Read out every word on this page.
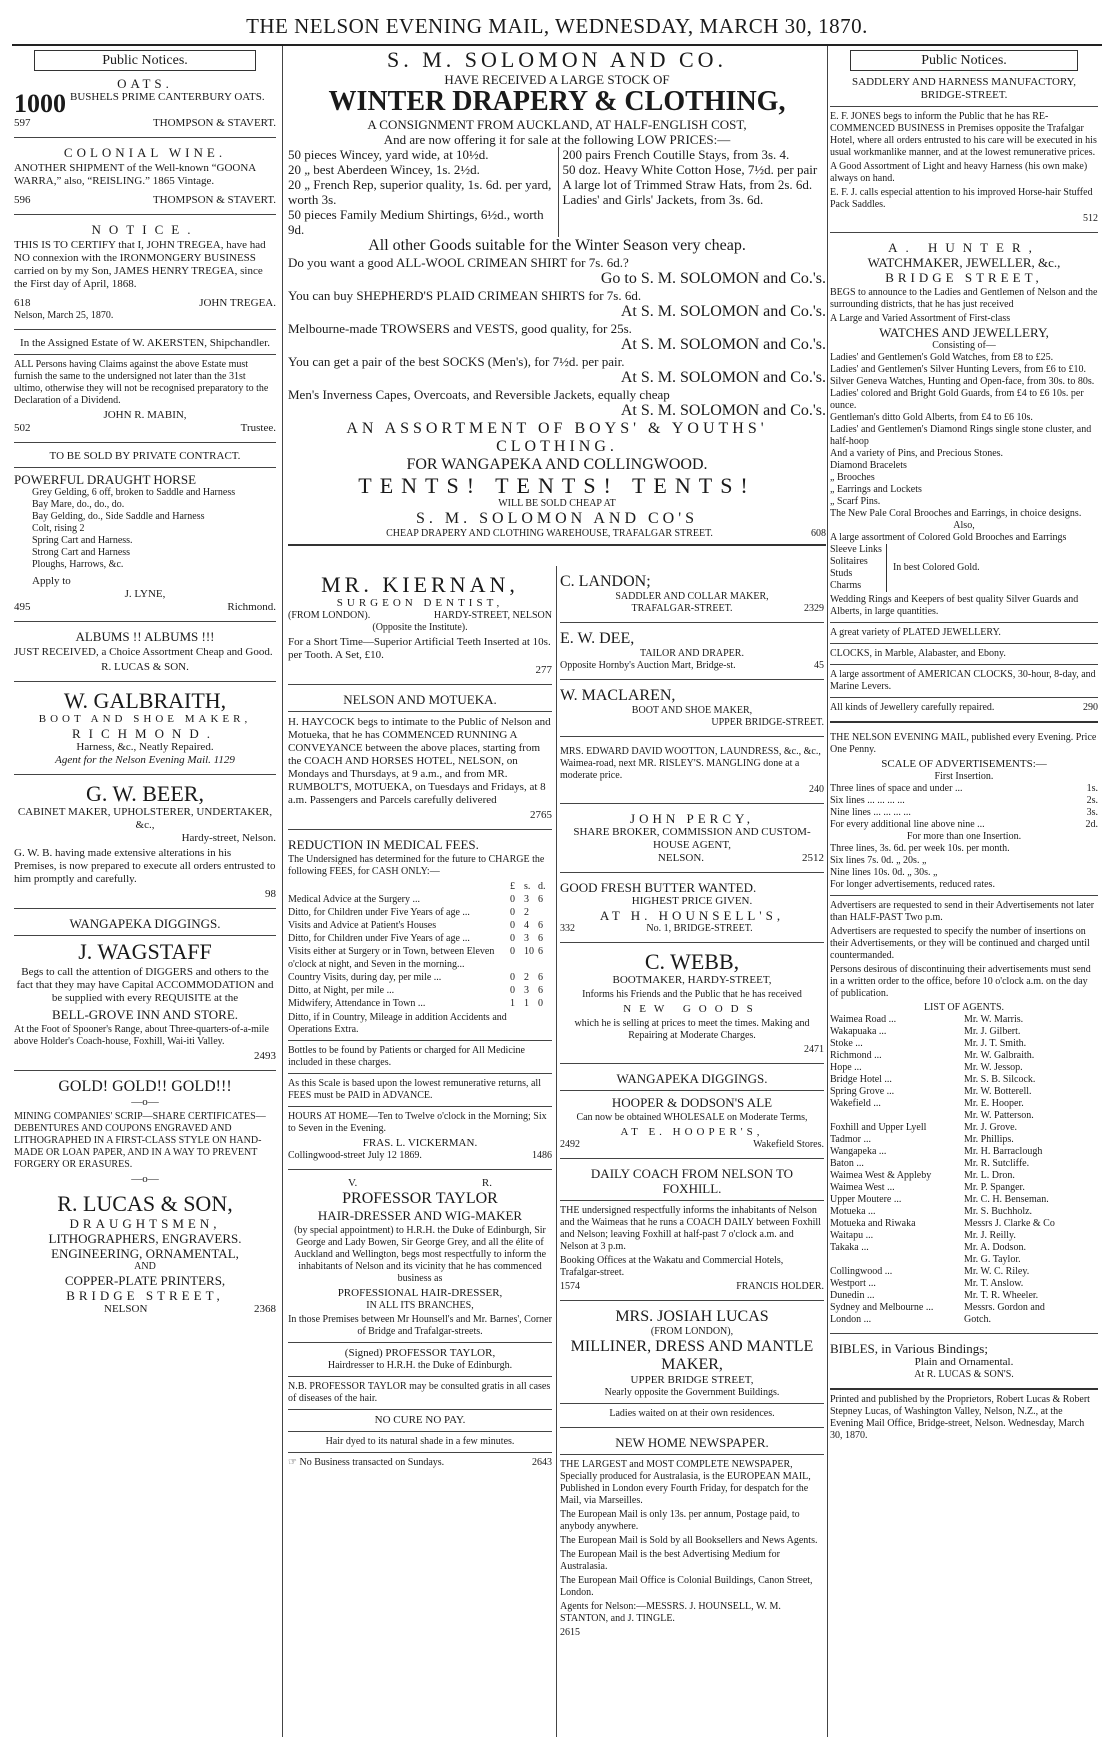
THE NELSON EVENING MAIL, WEDNESDAY, MARCH 30, 1870.
Public Notices.
OATS.
1000 BUSHELS PRIME CANTERBURY OATS.
597	THOMPSON & STAVERT.
COLONIAL WINE.

ANOTHER SHIPMENT of the Well-known “GOONA WARRA,” also, “REISLING.” 1865 Vintage.

596	THOMPSON & STAVERT.
NOTICE.

THIS IS TO CERTIFY that I, JOHN TREGEA, have had NO connexion with the IRONMONGERY BUSINESS carried on by my Son, JAMES HENRY TREGEA, since the First day of April, 1868.

618	JOHN TREGEA.
Nelson, March 25, 1870.
In the Assigned Estate of W. AKERSTEN, Shipchandler.

ALL Persons having Claims against the above Estate must furnish the same to the undersigned not later than the 31st ultimo, otherwise they will not be recognised preparatory to the Declaration of a Dividend.

JOHN R. MABIN,
502	Trustee.
TO BE SOLD BY PRIVATE CONTRACT.
POWERFUL DRAUGHT HORSE
Grey Gelding, 6 off, broken to Saddle and Harness
Bay Mare, do., do., do.
Bay Gelding, do., Side Saddle and Harness
Colt, rising 2
Spring Cart and Harness.
Strong Cart and Harness
Ploughs, Harrows, &c.
Apply to
J. LYNE,
495	Richmond.
ALBUMS !! ALBUMS !!!

JUST RECEIVED, a Choice Assortment Cheap and Good.

R. LUCAS & SON.
W. GALBRAITH,
BOOT AND SHOE MAKER,
RICHMOND.
Harness, &c., Neatly Repaired.
Agent for the Nelson Evening Mail. 1129
G. W. BEER,
CABINET MAKER, UPHOLSTERER, UNDERTAKER, &c.,
Hardy-street, Nelson.

G. W. B. having made extensive alterations in his Premises, is now prepared to execute all orders entrusted to him promptly and carefully.

98
WANGAPEKA DIGGINGS.
J. WAGSTAFF

Begs to call the attention of DIGGERS and others to the fact that they may have Capital ACCOMMODATION and be supplied with every REQUISITE at the

BELL-GROVE INN AND STORE.

At the Foot of Spooner's Range, about Three-quarters-of-a-mile above Holder's Coach-house, Foxhill, Wai-iti Valley.

2493
GOLD! GOLD!! GOLD!!!
—o—

MINING COMPANIES' SCRIP—SHARE CERTIFICATES—DEBENTURES AND COUPONS ENGRAVED AND LITHOGRAPHED IN A FIRST-CLASS STYLE ON HAND-MADE OR LOAN PAPER, AND IN A WAY TO PREVENT FORGERY OR ERASURES.

—o—
R. LUCAS & SON,
DRAUGHTSMEN,
LITHOGRAPHERS, ENGRAVERS.
ENGINEERING, ORNAMENTAL,
AND
COPPER-PLATE PRINTERS,
BRIDGE STREET,
NELSON	2368
S. M. SOLOMON AND CO.
HAVE RECEIVED A LARGE STOCK OF
WINTER DRAPERY & CLOTHING,
A CONSIGNMENT FROM AUCKLAND, AT HALF-ENGLISH COST,
And are now offering it for sale at the following LOW PRICES:—
50 pieces Wincey, yard wide, at 10½d.
20 „ best Aberdeen Wincey, 1s. 2½d.
20 „ French Rep, superior quality, 1s. 6d. per yard, worth 3s.
50 pieces Family Medium Shirtings, 6½d., worth 9d.
200 pairs French Coutille Stays, from 3s. 4.
50 doz. Heavy White Cotton Hose, 7½d. per pair
A large lot of Trimmed Straw Hats, from 2s. 6d.
Ladies' and Girls' Jackets, from 3s. 6d.
All other Goods suitable for the Winter Season very cheap.
Do you want a good ALL-WOOL CRIMEAN SHIRT for 7s. 6d.?
Go to S. M. SOLOMON and Co.'s.
You can buy SHEPHERD'S PLAID CRIMEAN SHIRTS for 7s. 6d.
At S. M. SOLOMON and Co.'s.
Melbourne-made TROWSERS and VESTS, good quality, for 25s.
At S. M. SOLOMON and Co.'s.
You can get a pair of the best SOCKS (Men's), for 7½d. per pair.
At S. M. SOLOMON and Co.'s.
Men's Inverness Capes, Overcoats, and Reversible Jackets, equally cheap
At S. M. SOLOMON and Co.'s.
AN ASSORTMENT OF BOYS' & YOUTHS' CLOTHING.
FOR WANGAPEKA AND COLLINGWOOD.
TENTS! TENTS! TENTS!
WILL BE SOLD CHEAP AT
S. M. SOLOMON AND CO'S
CHEAP DRAPERY AND CLOTHING WAREHOUSE, TRAFALGAR STREET.	608
MR. KIERNAN,
SURGEON DENTIST,
(FROM LONDON).	HARDY-STREET, NELSON
(Opposite the Institute).

For a Short Time—Superior Artificial Teeth Inserted at 10s. per Tooth. A Set, £10.

277
NELSON AND MOTUEKA.

H. HAYCOCK begs to intimate to the Public of Nelson and Motueka, that he has COMMENCED RUNNING A CONVEYANCE between the above places, starting from the COACH AND HORSES HOTEL, NELSON, on Mondays and Thursdays, at 9 a.m., and from MR. RUMBOLT'S, MOTUEKA, on Tuesdays and Fridays, at 8 a.m. Passengers and Parcels carefully delivered

2765
REDUCTION IN MEDICAL FEES.

The Undersigned has determined for the future to CHARGE the following FEES, for CASH ONLY:—

	£	s.	d.
Medical Advice at the Surgery ...	0	3	6
Ditto, for Children under Five Years of age ...	0	2	
Visits and Advice at Patient's Houses	0	4	6
Ditto, for Children under Five Years of age ...	0	3	6
Visits either at Surgery or in Town, between Eleven o'clock at night, and Seven in the morning...	0	10	6
Country Visits, during day, per mile ...	0	2	6
Ditto, at Night, per mile ...	0	3	6
Midwifery, Attendance in Town ...	1	1	0

Ditto, if in Country, Mileage in addition Accidents and Operations Extra.

Bottles to be found by Patients or charged for All Medicine included in these charges.

As this Scale is based upon the lowest remunerative returns, all FEES must be PAID in ADVANCE.

HOURS AT HOME—Ten to Twelve o'clock in the Morning; Six to Seven in the Evening.

FRAS. L. VICKERMAN.
Collingwood-street July 12 1869.	1486
V.	R.
PROFESSOR TAYLOR
HAIR-DRESSER AND WIG-MAKER

(by special appointment) to H.R.H. the Duke of Edinburgh, Sir George and Lady Bowen, Sir George Grey, and all the élite of Auckland and Wellington, begs most respectfully to inform the inhabitants of Nelson and its vicinity that he has commenced business as

PROFESSIONAL HAIR-DRESSER,
IN ALL ITS BRANCHES,

In those Premises between Mr Hounsell's and Mr. Barnes', Corner of Bridge and Trafalgar-streets.

(Signed) PROFESSOR TAYLOR,
Hairdresser to H.R.H. the Duke of Edinburgh.

N.B. PROFESSOR TAYLOR may be consulted gratis in all cases of diseases of the hair.

NO CURE NO PAY.
Hair dyed to its natural shade in a few minutes.
☞ No Business transacted on Sundays.	2643
C. LANDON;
SADDLER AND COLLAR MAKER,
TRAFALGAR-STREET.	2329
E. W. DEE,
TAILOR AND DRAPER.
Opposite Hornby's Auction Mart, Bridge-st.	45
W. MACLAREN,
BOOT AND SHOE MAKER,
UPPER BRIDGE-STREET.

MRS. EDWARD DAVID WOOTTON, LAUNDRESS, &c., &c., Waimea-road, next MR. RISLEY'S. MANGLING done at a moderate price.

240
JOHN PERCY,
SHARE BROKER, COMMISSION AND CUSTOM-HOUSE AGENT,
NELSON.	2512
GOOD FRESH BUTTER WANTED.
HIGHEST PRICE GIVEN.
AT H. HOUNSELL'S,
332	No. 1, BRIDGE-STREET.
C. WEBB,
BOOTMAKER, HARDY-STREET,

Informs his Friends and the Public that he has received

NEW GOODS

which he is selling at prices to meet the times. Making and Repairing at Moderate Charges.

2471
WANGAPEKA DIGGINGS.
HOOPER & DODSON'S ALE

Can now be obtained WHOLESALE on Moderate Terms,

AT E. HOOPER'S,
2492	Wakefield Stores.
DAILY COACH FROM NELSON TO FOXHILL.

THE undersigned respectfully informs the inhabitants of Nelson and the Waimeas that he runs a COACH DAILY between Foxhill and Nelson; leaving Foxhill at half-past 7 o'clock a.m. and Nelson at 3 p.m.

Booking Offices at the Wakatu and Commercial Hotels, Trafalgar-street.

1574	FRANCIS HOLDER.
MRS. JOSIAH LUCAS
(FROM LONDON),
MILLINER, DRESS AND MANTLE MAKER,
UPPER BRIDGE STREET,
Nearly opposite the Government Buildings.
Ladies waited on at their own residences.
NEW HOME NEWSPAPER.

THE LARGEST and MOST COMPLETE NEWSPAPER, Specially produced for Australasia, is the EUROPEAN MAIL, Published in London every Fourth Friday, for despatch for the Mail, via Marseilles.

The European Mail is only 13s. per annum, Postage paid, to anybody anywhere.

The European Mail is Sold by all Booksellers and News Agents.

The European Mail is the best Advertising Medium for Australasia.

The European Mail Office is Colonial Buildings, Canon Street, London.

Agents for Nelson:—MESSRS. J. HOUNSELL, W. M. STANTON, and J. TINGLE.

2615
Public Notices.
SADDLERY AND HARNESS MANUFACTORY, BRIDGE-STREET.

E. F. JONES begs to inform the Public that he has RE-COMMENCED BUSINESS in Premises opposite the Trafalgar Hotel, where all orders entrusted to his care will be executed in his usual workmanlike manner, and at the lowest remunerative prices.

A Good Assortment of Light and heavy Harness (his own make) always on hand.

E. F. J. calls especial attention to his improved Horse-hair Stuffed Pack Saddles.

512
A. HUNTER,
WATCHMAKER, JEWELLER, &c.,
BRIDGE STREET,

BEGS to announce to the Ladies and Gentlemen of Nelson and the surrounding districts, that he has just received

A Large and Varied Assortment of First-class
WATCHES AND JEWELLERY,
Consisting of—
Ladies' and Gentlemen's Gold Watches, from £8 to £25.
Ladies' and Gentlemen's Silver Hunting Levers, from £6 to £10.
Silver Geneva Watches, Hunting and Open-face, from 30s. to 80s.
Ladies' colored and Bright Gold Guards, from £4 to £6 10s. per ounce.
Gentleman's ditto Gold Alberts, from £4 to £6 10s.
Ladies' and Gentlemen's Diamond Rings single stone cluster, and half-hoop
And a variety of Pins, and Precious Stones.
Diamond Bracelets
„ Brooches
„ Earrings and Lockets
„ Scarf Pins.
The New Pale Coral Brooches and Earrings, in choice designs.
Also,
A large assortment of Colored Gold Brooches and Earrings
Sleeve Links
Solitaires
Studs
Charms
In best Colored Gold.

Wedding Rings and Keepers of best quality Silver Guards and Alberts, in large quantities.

A great variety of PLATED JEWELLERY.
CLOCKS, in Marble, Alabaster, and Ebony.

A large assortment of AMERICAN CLOCKS, 30-hour, 8-day, and Marine Levers.

All kinds of Jewellery carefully repaired.	290

THE NELSON EVENING MAIL, published every Evening. Price One Penny.

SCALE OF ADVERTISEMENTS:—
First Insertion.
Three lines of space and under ...	1s.
Six lines ... ... ... ...	2s.
Nine lines ... ... ... ...	3s.
For every additional line above nine ...	2d.
For more than one Insertion.
Three lines, 3s. 6d. per week 10s. per month.
Six lines 7s. 0d. „ 20s. „
Nine lines 10s. 0d. „ 30s. „
For longer advertisements, reduced rates.

Advertisers are requested to send in their Advertisements not later than HALF-PAST Two p.m.

Advertisers are requested to specify the number of insertions on their Advertisements, or they will be continued and charged until countermanded.

Persons desirous of discontinuing their advertisements must send in a written order to the office, before 10 o'clock a.m. on the day of publication.

LIST OF AGENTS.
Waimea Road ...	Mr. W. Marris.
Wakapuaka ...	Mr. J. Gilbert.
Stoke ...	Mr. J. T. Smith.
Richmond ...	Mr. W. Galbraith.
Hope ...	Mr. W. Jessop.
Bridge Hotel ...	Mr. S. B. Silcock.
Spring Grove ...	Mr. W. Botterell.
Wakefield ...	Mr. E. Hooper.
Mr. W. Patterson.
Foxhill and Upper Lyell	Mr. J. Grove.
Tadmor ...	Mr. Phillips.
Wangapeka ...	Mr. H. Barraclough
Baton ...	Mr. R. Sutcliffe.
Waimea West & Appleby	Mr. L. Dron.
Waimea West ...	Mr. P. Spanger.
Upper Moutere ...	Mr. C. H. Benseman.
Motueka ...	Mr. S. Buchholz.
Motueka and Riwaka	Messrs J. Clarke & Co
Waitapu ...	Mr. J. Reilly.
Takaka ...	Mr. A. Dodson.
Mr. G. Taylor.
Collingwood ...	Mr. W. C. Riley.
Westport ...	Mr. T. Anslow.
Dunedin ...	Mr. T. R. Wheeler.
Sydney and Melbourne ...	Messrs. Gordon and
London ...	Gotch.
BIBLES, in Various Bindings;
Plain and Ornamental.
At R. LUCAS & SON'S.

Printed and published by the Proprietors, Robert Lucas & Robert Stepney Lucas, of Washington Valley, Nelson, N.Z., at the Evening Mail Office, Bridge-street, Nelson. Wednesday, March 30, 1870.
